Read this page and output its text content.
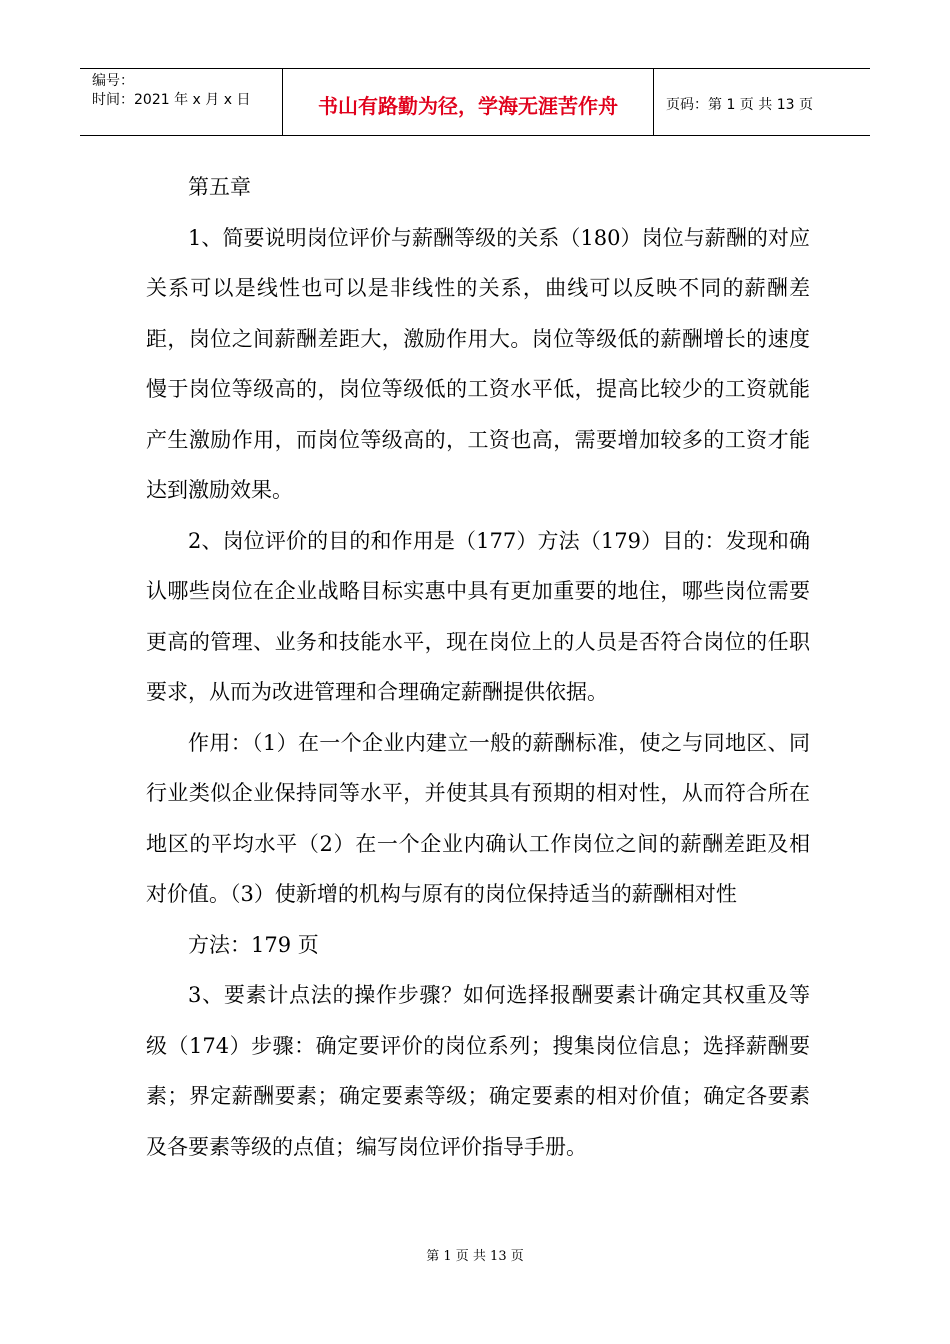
编号：
时间：2021 年 x 月 x 日	书山有路勤为径，学海无涯苦作舟	页码：第 1 页 共 13 页

第五章

1、简要说明岗位评价与薪酬等级的关系（180）岗位与薪酬的对应关系可以是线性也可以是非线性的关系，曲线可以反映不同的薪酬差距，岗位之间薪酬差距大，激励作用大。岗位等级低的薪酬增长的速度慢于岗位等级高的，岗位等级低的工资水平低，提高比较少的工资就能产生激励作用，而岗位等级高的，工资也高，需要增加较多的工资才能达到激励效果。

2、岗位评价的目的和作用是（177）方法（179）目的：发现和确认哪些岗位在企业战略目标实惠中具有更加重要的地住，哪些岗位需要更高的管理、业务和技能水平，现在岗位上的人员是否符合岗位的任职要求，从而为改进管理和合理确定薪酬提供依据。

作用：（1）在一个企业内建立一般的薪酬标准，使之与同地区、同行业类似企业保持同等水平，并使其具有预期的相对性，从而符合所在地区的平均水平（2）在一个企业内确认工作岗位之间的薪酬差距及相对价值。（3）使新增的机构与原有的岗位保持适当的薪酬相对性

方法：179 页

3、要素计点法的操作步骤？如何选择报酬要素计确定其权重及等级（174）步骤：确定要评价的岗位系列；搜集岗位信息；选择薪酬要素；界定薪酬要素；确定要素等级；确定要素的相对价值；确定各要素及各要素等级的点值；编写岗位评价指导手册。

第 1 页 共 13 页
